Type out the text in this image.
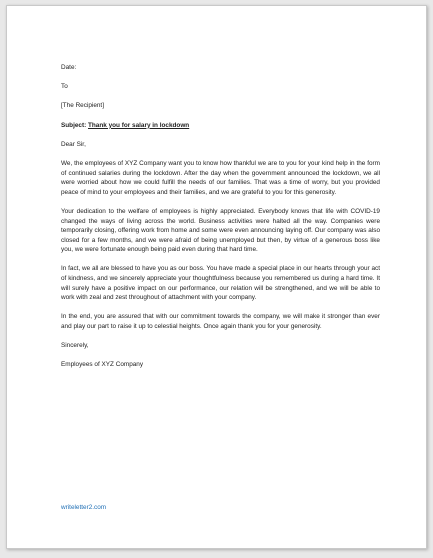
Date:

To

[The Recipient]

Subject: Thank you for salary in lockdown

Dear Sir,

We, the employees of XYZ Company want you to know how thankful we are to you for your kind help in the form of continued salaries during the lockdown. After the day when the government announced the lockdown, we all were worried about how we could fulfill the needs of our families. That was a time of worry, but you provided peace of mind to your employees and their families, and we are grateful to you for this generosity.

Your dedication to the welfare of employees is highly appreciated. Everybody knows that life with COVID-19 changed the ways of living across the world. Business activities were halted all the way. Companies were temporarily closing, offering work from home and some were even announcing laying off. Our company was also closed for a few months, and we were afraid of being unemployed but then, by virtue of a generous boss like you, we were fortunate enough being paid even during that hard time.

In fact, we all are blessed to have you as our boss. You have made a special place in our hearts through your act of kindness, and we sincerely appreciate your thoughtfulness because you remembered us during a hard time. It will surely have a positive impact on our performance, our relation will be strengthened, and we will be able to work with zeal and zest throughout of attachment with your company.

In the end, you are assured that with our commitment towards the company, we will make it stronger than ever and play our part to raise it up to celestial heights. Once again thank you for your generosity.

Sincerely,

Employees of XYZ Company

writeletter2.com
